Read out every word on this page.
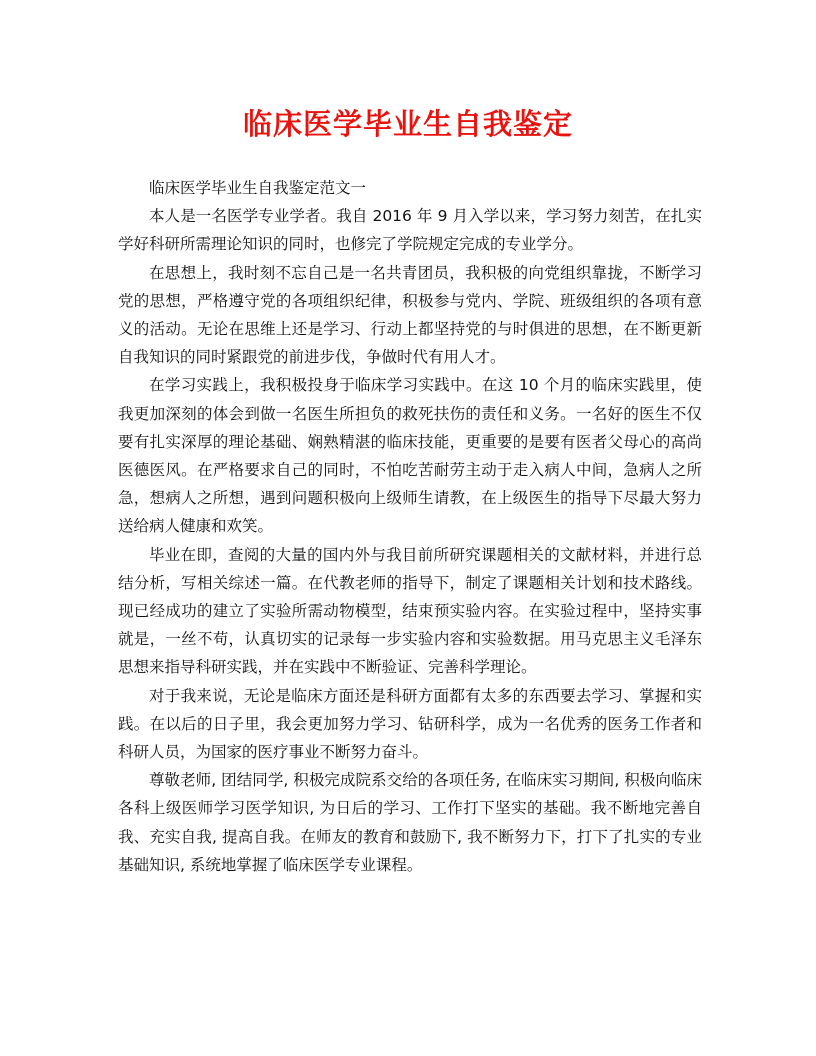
临床医学毕业生自我鉴定

临床医学毕业生自我鉴定范文一

本人是一名医学专业学者。我自 2016 年 9 月入学以来，学习努力刻苦，在扎实学好科研所需理论知识的同时，也修完了学院规定完成的专业学分。

在思想上，我时刻不忘自己是一名共青团员，我积极的向党组织靠拢，不断学习党的思想，严格遵守党的各项组织纪律，积极参与党内、学院、班级组织的各项有意义的活动。无论在思维上还是学习、行动上都坚持党的与时俱进的思想，在不断更新自我知识的同时紧跟党的前进步伐，争做时代有用人才。

在学习实践上，我积极投身于临床学习实践中。在这 10 个月的临床实践里，使我更加深刻的体会到做一名医生所担负的救死扶伤的责任和义务。一名好的医生不仅要有扎实深厚的理论基础、娴熟精湛的临床技能，更重要的是要有医者父母心的高尚医德医风。在严格要求自己的同时，不怕吃苦耐劳主动于走入病人中间，急病人之所急，想病人之所想，遇到问题积极向上级师生请教，在上级医生的指导下尽最大努力送给病人健康和欢笑。

毕业在即，查阅的大量的国内外与我目前所研究课题相关的文献材料，并进行总结分析，写相关综述一篇。在代教老师的指导下，制定了课题相关计划和技术路线。现已经成功的建立了实验所需动物模型，结束预实验内容。在实验过程中，坚持实事就是，一丝不苟，认真切实的记录每一步实验内容和实验数据。用马克思主义毛泽东思想来指导科研实践，并在实践中不断验证、完善科学理论。

对于我来说，无论是临床方面还是科研方面都有太多的东西要去学习、掌握和实践。在以后的日子里，我会更加努力学习、钻研科学，成为一名优秀的医务工作者和科研人员，为国家的医疗事业不断努力奋斗。

尊敬老师, 团结同学, 积极完成院系交给的各项任务, 在临床实习期间, 积极向临床各科上级医师学习医学知识, 为日后的学习、工作打下坚实的基础。我不断地完善自我、充实自我, 提高自我。在师友的教育和鼓励下, 我不断努力下，打下了扎实的专业基础知识, 系统地掌握了临床医学专业课程。
